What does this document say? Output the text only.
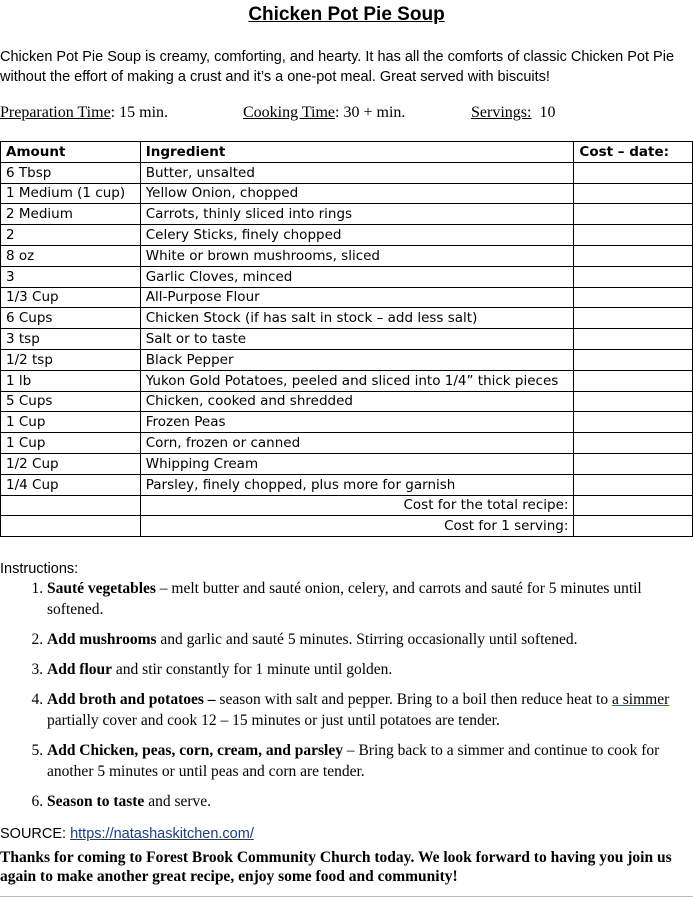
Chicken Pot Pie Soup
Chicken Pot Pie Soup is creamy, comforting, and hearty. It has all the comforts of classic Chicken Pot Pie without the effort of making a crust and it’s a one-pot meal. Great served with biscuits!
Preparation Time: 15 min.	Cooking Time: 30 + min.	Servings: 10
Amount	Ingredient	Cost – date:
6 Tbsp	Butter, unsalted	
1 Medium (1 cup)	Yellow Onion, chopped	
2 Medium	Carrots, thinly sliced into rings	
2	Celery Sticks, finely chopped	
8 oz	White or brown mushrooms, sliced	
3	Garlic Cloves, minced	
1/3 Cup	All-Purpose Flour	
6 Cups	Chicken Stock (if has salt in stock – add less salt)	
3 tsp	Salt or to taste	
1/2 tsp	Black Pepper	
1 lb	Yukon Gold Potatoes, peeled and sliced into 1/4” thick pieces	
5 Cups	Chicken, cooked and shredded	
1 Cup	Frozen Peas	
1 Cup	Corn, frozen or canned	
1/2 Cup	Whipping Cream	
1/4 Cup	Parsley, finely chopped, plus more for garnish	
	Cost for the total recipe:	
	Cost for 1 serving:	
Instructions:
1. Sauté vegetables – melt butter and sauté onion, celery, and carrots and sauté for 5 minutes until softened.
2. Add mushrooms and garlic and sauté 5 minutes. Stirring occasionally until softened.
3. Add flour and stir constantly for 1 minute until golden.
4. Add broth and potatoes – season with salt and pepper. Bring to a boil then reduce heat to a simmer partially cover and cook 12 – 15 minutes or just until potatoes are tender.
5. Add Chicken, peas, corn, cream, and parsley – Bring back to a simmer and continue to cook for another 5 minutes or until peas and corn are tender.
6. Season to taste and serve.
SOURCE: https://natashaskitchen.com/
Thanks for coming to Forest Brook Community Church today. We look forward to having you join us again to make another great recipe, enjoy some food and community!
